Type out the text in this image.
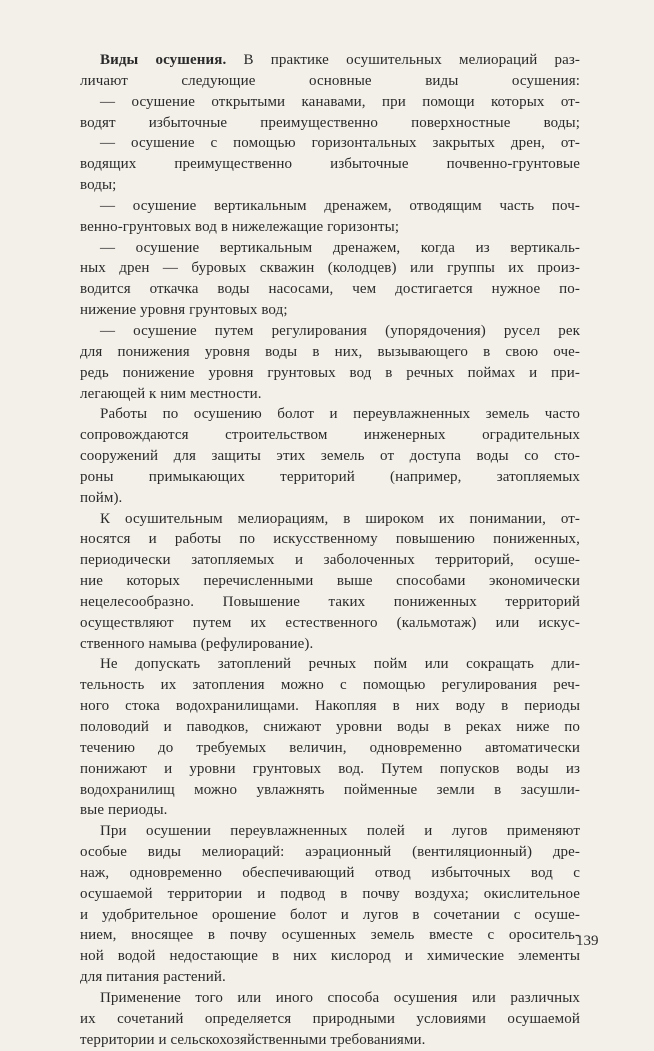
Виды осушения. В практике осушительных мелиораций раз-
личают следующие основные виды осушения:
— осушение открытыми канавами, при помощи которых от-
водят избыточные преимущественно поверхностные воды;
— осушение с помощью горизонтальных закрытых дрен, от-
водящих преимущественно избыточные почвенно-грунтовые
воды;
— осушение вертикальным дренажем, отводящим часть поч-
венно-грунтовых вод в нижележащие горизонты;
— осушение вертикальным дренажем, когда из вертикаль-
ных дрен — буровых скважин (колодцев) или группы их произ-
водится откачка воды насосами, чем достигается нужное по-
нижение уровня грунтовых вод;
— осушение путем регулирования (упорядочения) русел рек
для понижения уровня воды в них, вызывающего в свою оче-
редь понижение уровня грунтовых вод в речных поймах и при-
легающей к ним местности.
Работы по осушению болот и переувлажненных земель часто
сопровождаются строительством инженерных оградительных
сооружений для защиты этих земель от доступа воды со сто-
роны примыкающих территорий (например, затопляемых
пойм).
К осушительным мелиорациям, в широком их понимании, от-
носятся и работы по искусственному повышению пониженных,
периодически затопляемых и заболоченных территорий, осуше-
ние которых перечисленными выше способами экономически
нецелесообразно. Повышение таких пониженных территорий
осуществляют путем их естественного (кальмотаж) или искус-
ственного намыва (рефулирование).
Не допускать затоплений речных пойм или сокращать дли-
тельность их затопления можно с помощью регулирования реч-
ного стока водохранилищами. Накопляя в них воду в периоды
половодий и паводков, снижают уровни воды в реках ниже по
течению до требуемых величин, одновременно автоматически
понижают и уровни грунтовых вод. Путем попусков воды из
водохранилищ можно увлажнять пойменные земли в засушли-
вые периоды.
При осушении переувлажненных полей и лугов применяют
особые виды мелиораций: аэрационный (вентиляционный) дре-
наж, одновременно обеспечивающий отвод избыточных вод с
осушаемой территории и подвод в почву воздуха; окислительное
и удобрительное орошение болот и лугов в сочетании с осуше-
нием, вносящее в почву осушенных земель вместе с ороситель-
ной водой недостающие в них кислород и химические элементы
для питания растений.
Применение того или иного способа осушения или различных
их сочетаний определяется природными условиями осушаемой
территории и сельскохозяйственными требованиями.
139
